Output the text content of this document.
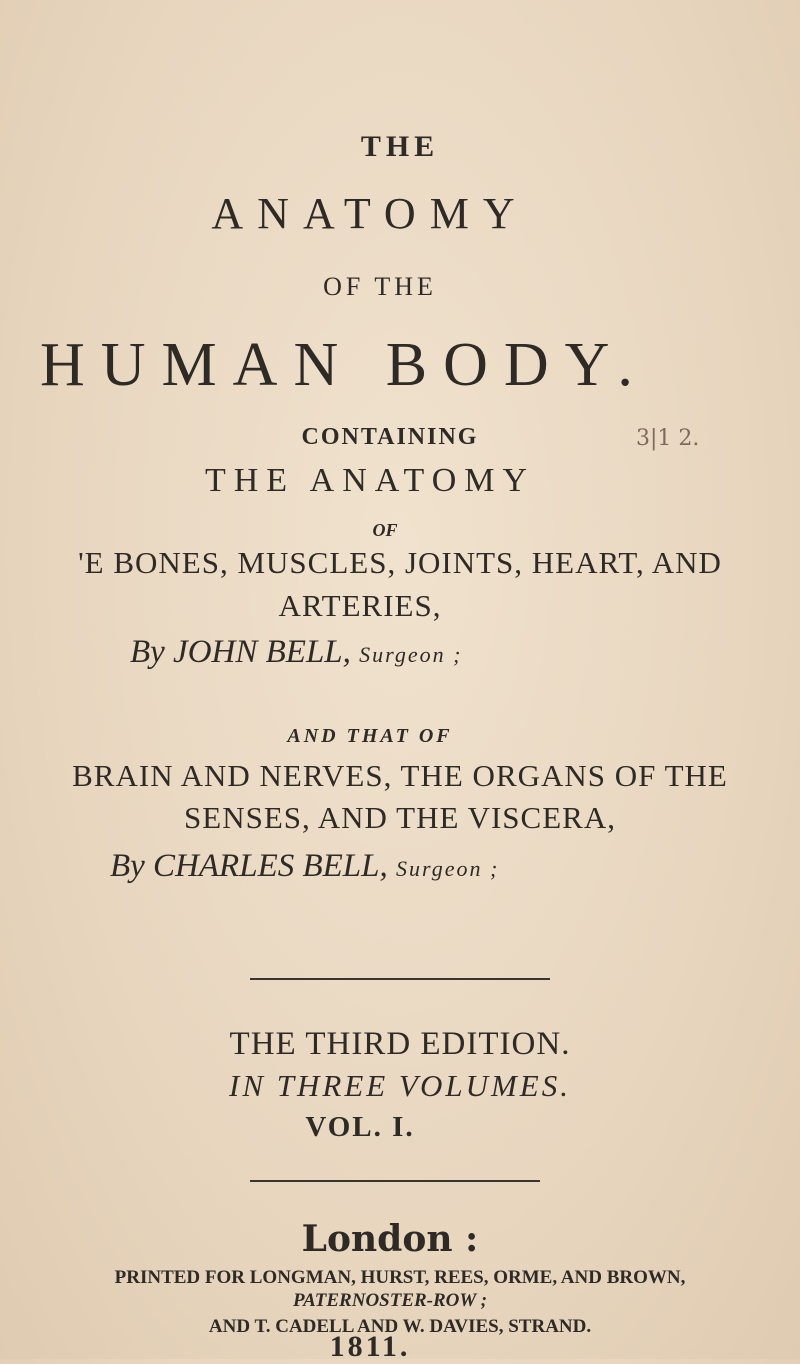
THE
ANATOMY
OF THE
HUMAN BODY.
3|1 2.
CONTAINING
THE ANATOMY
OF
'E BONES, MUSCLES, JOINTS, HEART, AND
ARTERIES,
By JOHN BELL, Surgeon ;
AND THAT OF
BRAIN AND NERVES, THE ORGANS OF THE
SENSES, AND THE VISCERA,
By CHARLES BELL, Surgeon ;
THE THIRD EDITION.
IN THREE VOLUMES.
VOL. I.
London :
PRINTED FOR LONGMAN, HURST, REES, ORME, AND BROWN,
PATERNOSTER-ROW ;
AND T. CADELL AND W. DAVIES, STRAND.
1811.
